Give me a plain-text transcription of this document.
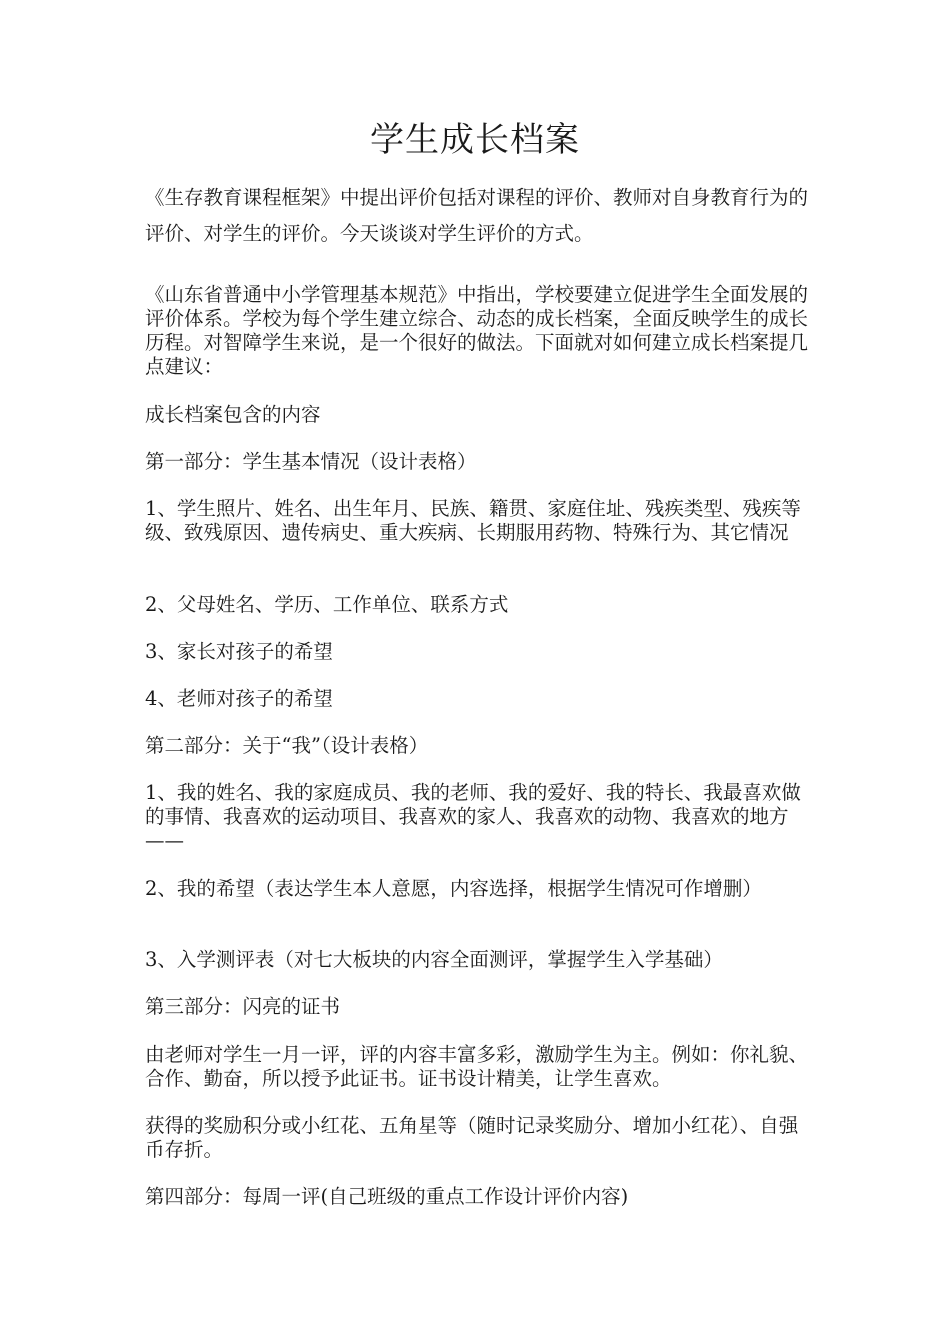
学生成长档案

《生存教育课程框架》中提出评价包括对课程的评价、教师对自身教育行为的评价、对学生的评价。今天谈谈对学生评价的方式。

《山东省普通中小学管理基本规范》中指出，学校要建立促进学生全面发展的评价体系。学校为每个学生建立综合、动态的成长档案，全面反映学生的成长历程。对智障学生来说，是一个很好的做法。下面就对如何建立成长档案提几点建议：

成长档案包含的内容

第一部分：学生基本情况（设计表格）

1、学生照片、姓名、出生年月、民族、籍贯、家庭住址、残疾类型、残疾等级、致残原因、遗传病史、重大疾病、长期服用药物、特殊行为、其它情况

2、父母姓名、学历、工作单位、联系方式

3、家长对孩子的希望

4、老师对孩子的希望

第二部分：关于“我”（设计表格）

1、我的姓名、我的家庭成员、我的老师、我的爱好、我的特长、我最喜欢做的事情、我喜欢的运动项目、我喜欢的家人、我喜欢的动物、我喜欢的地方——

2、我的希望（表达学生本人意愿，内容选择，根据学生情况可作增删）

3、入学测评表（对七大板块的内容全面测评，掌握学生入学基础）

第三部分：闪亮的证书

由老师对学生一月一评，评的内容丰富多彩，激励学生为主。例如：你礼貌、合作、勤奋，所以授予此证书。证书设计精美，让学生喜欢。

获得的奖励积分或小红花、五角星等（随时记录奖励分、增加小红花）、自强币存折。

第四部分：每周一评(自己班级的重点工作设计评价内容)
